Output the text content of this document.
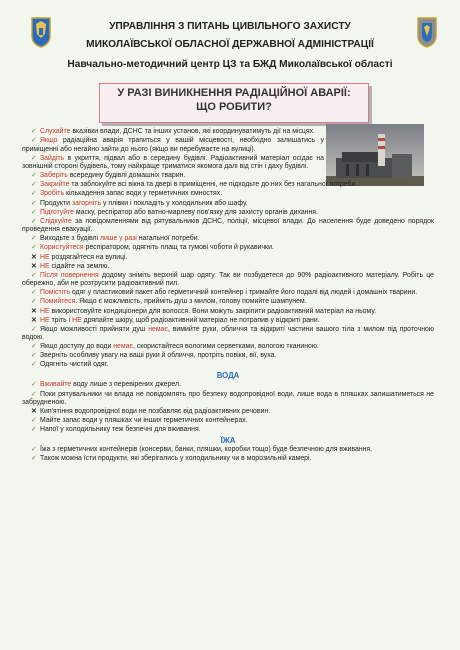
УПРАВЛІННЯ З ПИТАНЬ ЦИВІЛЬНОГО ЗАХИСТУ
МИКОЛАЇВСЬКОЇ ОБЛАСНОЇ ДЕРЖАВНОЇ АДМІНІСТРАЦІЇ
Навчально-методичний центр ЦЗ та БЖД Миколаївської області
У РАЗІ ВИНИКНЕННЯ РАДІАЦІЙНОЇ АВАРІЇ:
ЩО РОБИТИ?

✓ Слухайте вказівки влади, ДСНС та інших установ, які координуватимуть дії на місцях.

✓ Якщо радіаційна аварія трапиться у вашій місцевості, необхідно залишатись у приміщенні або негайно зайти до нього (якщо ви перебуваєте на вулиці).

✓ Зайдіть в укриття, підвал або в середину будівлі. Радіоактивний матеріал осідає на зовнішній стороні будівель, тому найкраще триматися якомога далі від стін і даху будівлі.

✓ Заберіть всередину будівлі домашніх тварин.

✓ Закрийте та заблокуйте всі вікна та двері в приміщенні, не підходьте до них без нагальної потреби.

✓ Зробіть кількадення запас води у герметичних ємностях.

✓ Продукти загорніть у плівки і покладіть у холодильник або шафу.

✓ Підготуйте маску, респіратор або ватно-марлеву пов'язку для захисту органів дихання.

✓ Слідкуйте за повідомленнями від рятувальників ДСНС, поліції, місцевої влади. До населення буде доведено порядок проведення евакуації.

✓ Виходьте з будівлі лише у разі нагальної потреби.

✓ Користуйтеся респіратором, одягніть плащ та гумові чоботи й рукавички.

✕ НЕ роздягайтеся на вулиці.

✕ НЕ сідайте на землю.

✓ Після повернення додому зніміть верхній шар одягу. Так ви позбудетеся до 90% радіоактивного матеріалу. Робіть це обережно, аби не розтрусити радіоактивний пил.

✓ Помістіть одяг у пластиковий пакет або герметичний контейнер і тримайте його подалі від людей і домашніх тварини.

✓ Помийтеся. Якщо є можливість, прийміть душ з милом, голову помийте шампунем.

✕ НЕ використовуйте кондиціонери для волосся. Вони можуть закріпити радіоактивний матеріал на ньому.

✕ НЕ тріть і НЕ дряпайте шкіру, щоб радіоактивний матеріал не потрапив у відкриті рани.

✓ Якщо можливості прийняти душ немає, вимийте руки, обличчя та відкриті частини вашого тіла з милом під проточною водою.

✓ Якщо доступу до води немає, скористайтеся вологими серветками, вологою тканиною.

✓ Зверніть особливу увагу на ваші руки й обличчя, протріть повіки, вії, вуха.

✓ Одягніть чистий одяг.

ВОДА

✓ Вживайте воду лише з перевірених джерел.

✓ Поки рятувальники чи влада не повідомлять про безпеку водопровідної води, лише вода в пляшках залишатиметься не забрудненою.

✕ Кип'ятіння водопровідної води не позбавляє від радіоактивних речовин.

✓ Майте запас води у пляшках чи інших герметичних контейнерах.

✓ Напої у холодильнику теж безпечні для вживання.

ЇЖА

✓ Їжа з герметичних контейнерів (консерви, банки, пляшки, коробки тощо) буде безпечною для вживання.

✓ Також можна їсти продукти, які зберігались у холодильнику чи в морозильній камері.
